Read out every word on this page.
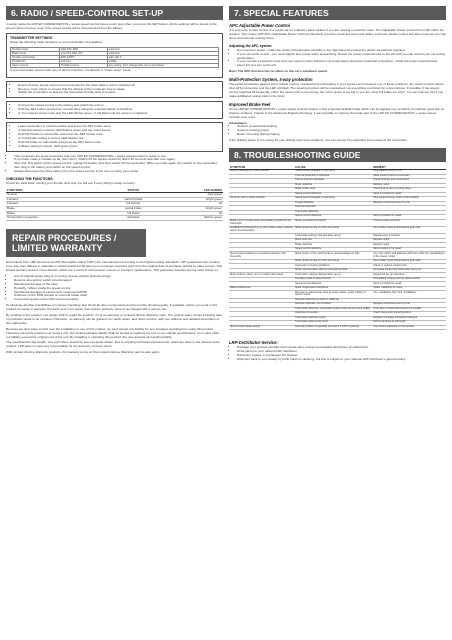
6. RADIO / SPEED-CONTROL SET-UP

In setup mode the LRP EP CONDENSATION + series speed control stores every step when you press the SET button. All the settings will be stored in the speed control memory even if the speed control will be disconnected from the battery.

TRANSMITTER SETTINGS
Setup the following basic functions on your transmitter (if available):
Throttle travel	High ATV, EPA	maximum
Brake travel	Low ATV, EPA, ATL	maximum
Throttle exponential	EXP, EXPO	start with 0
Throttle trim	Sub trim	middle
Servo reverse	Throttle reverse	any setting, don't change after set-up procedure!
If your transmitter doesn't offer any of above functions, it's already in "basic setup" mode.
• Ensure that the speed control is not connected to the drive battery and is switched off.
• Remove motor pinion or ensure that the wheels of the model are free to rotate.
• Switch the transmitter on and set the transmitter throttle stick to neutral.
• Connect the speed control to the battery and switch the unit on.
• Hold the SET button pressed for at least 3sec using the supplied plastic screwdriver.
• ➔ You entered setup mode and the LED flashes green. It will flash until the setup is completed.
• Leave transmitter in neutral position and press the SET button once.
• ➔ Neutral setting is stored. LED flashes green and the motor beeps.
• Hold full throttle on transmitter and press the SET button once.
• ➔ Full-throttle setting is stored. LED flashes red.
• Hold full brake on transmitter and press the SET button once.
• ➔ Brake setting is stored. LED glows green.
• This completes the setup procedure and your LRP EP CONDENSATION + series speed-control is ready to use.
• If you have made a mistake so far, don't worry. Switch off the speed-control for about 10 seconds and start over again.
• After this, first switch off the speed-control, unplug the battery and then switch off the transmitter. When you start again, first switch on the transmitter, then plug in the battery and switch on the speed-control.
• Always disconnect the drive battery from the speed control, if you are not using your model.
CHECKING THE FUNCTIONS:
Check the LED when moving your throttle stick and you will see if everything is setup correctly:
FUNCTION	STATUS	LED SHOWS
Neutral		dark green
Forward	partial throttle	bright green
Forward	full throttle	off
Brake	partial brake	bright green
Brake	full brake	off
Temperature protection	activated	flashes green
REPAIR PROCEDURES / LIMITED WARRANTY

All products from LRP electronic GmbH (hereinafter called "LRP") are manufactured according to the highest quality standards. LRP guarantees this product to be free from defects in materials or workmanship for 90 days (non european countries only) from the original date of purchase verified by sales receipt. This limited warranty doesn't cover defects, which are a result of normal wear, misuse or improper maintenance. This guarantee includes among other things on:

• Cut off original power plug or not using reverse polarity protected plugs
• Reverse wire and/or switch wire damaged
• Mechanical damage of the case
• Humidity / Water inside the speed control
• Mechanical damage of electronical components/PCB
• Soldered on the PCB (except on external solder tabs)
• Connected speed control with reversed polarity

To eliminate all other possibilities or improper handling, first check all other components and the trouble shooting guide, if available, before you send in this product for repair or warranty. Products sent in for repair, that operate perfectly, have to be charged with a service fee.

By sending in this product, you assign LRP to repair the product, if it is no warranty or Limited Lifetime Warranty case. The original sales receipt including date of purchase needs to be included. Otherwise, no warranty can be granted. For quick repair- and return service, add your address and detailed description of the malfunction.

Because we don't have control over the installation or use of this product, we can't accept any liability for any damages resulting from using this product. Therefore using this product is at owner's risk. Our limited warranty liability shall be limited to repairing the unit to our original specifications. In no case shall our liability exceed the original cost of the unit. By installing or operating this product, the user accepts all resulting liability.

The specifications like weight, size and others should be seen as guide values. Due to ongoing technical improvements, which are done in the interest of the product, LRP does not take any responsibility for the accuracy of these specs.

With Limited Lifetime Warranty products, the warranty terms on the Limited Lifetime Warranty card do also apply.

7. SPECIAL FEATURES
APC Adjustable Power Control

It is very easy to lose control of a model car on a slippery track surface if you are running a powerful motor. The Adjustable Power Control from LRP offers the solution. The unique LRP APC (Adjustable Power Control) effectively prevents unwanted spins and slides, improves vehicle control and thus improves your lap times and extends running times.

Adjusting the APC system:
• For maximum power - rotate the power potentiometer carefully to the right-hand stop using the plastic screwdriver supplied.
• If your car tends to spin - you need slightly less power when accelerating. Rotate the power potentiometer to the left until you can control your car during acceleration.
• If your car has a powerful motor and your speed control switches into temperature protection (overload protection) - rotate the power potentiometer about 1/3 of a turn to the left.

Note: The APC function has no effect on the car's maximum speed.

Multi-Protection System, 3-way protection

The perfect protection against short circuits (motor), overload and overheating. If your speed-control detects one of these problems, the motor function will be shut-off for protection and the LED will flash. The steering function will be maintained. Let everything cool down for a few minutes, if possible. If the speed-control switches off frequently, either the used motor is too strong, the motor pinion is too big or you are using full brake too often. You can improve this if you make additional cooling slots in the body.

Improved Brake Feel

All the LRP EP CONDENSATION + series speed controls feature a fully proportional EMF brake which can be applied very sensitivly to maintain good grip on slippery surfaces. Thanks to the Advanced Digital technology, it was possible to improve the brake feel of the LRP EP CONDENSATION + series speed controls even more.

Advantages:
• Smooth, proportional braking
• Superior braking power
• Better cornering during braking

If the braking power is too strong for your driving style and conditions, you can reduce it by adjusting servo travel of the transmitter.

8. TROUBLESHOOTING GUIDE
SYMPTOM	CAUSE	REMEDY
Servo is working, no motor function	Speed control plugged in incorrectly	Plug speed control in Ch2
	Thermal protection is activated	Allow speed control to cool down
	Connecting wire damaged	Check all plugs and connections
	Motor defective	Replace motor
	Motor solder short	Check that no wire is strong freely
	Speed control defective	Send in product for repair
No servo and no motor function	Speed control plugged in incorrectly	Plug speed control in with correct polarity
	Crystal defective	Replace components one by one
	Receiver defective	
	Transmitter defective	
	Speed control defective	Send in product for repair
Motor runs in reverse when accelerating forward on the transmitter	Motor connected incorrectly	Connect motor correctly
Insufficient performance (e.g. poor brake power, reduced power at acceleration)	Motor pinion too big or motor too strong	Use smaller motor pinion/reduce gear ratio
	Transmitter settings changed after set-up	Repeat setup procedure
	Motor worn out	Replace motor
	Brake defective	Replace motor
	Speed control defective	Send product in for repair
Speed control switches to overload protection (off) frequently	Motor pinion or the motor/inertia or torque/voltage too high	Use only motors and batteries which are within the specifications of the speed control
	Motor pinion too big or motor too strong	Use smaller motor pinion/reduce gear ratio
	Connector or bearing problems	Check or replace components
	Motor used too often without cool down periods	Let speed control cool down after every run
Motor stutters, stops, no or constant slow speed	Transmitter settings changed after set-up	Repeat full set-up procedure
	Humidity inside of speed control	Immediately unplug and dry speed control
	Speed control defective	Send in product for repair
Radio interference	Motor suppression insufficient	Solder capacitors to motor
	Receiver or antenna too close to power cables, motor, battery or speed control	Use „Installation Tips" and „Installation"
	Receiver antenna too short or coiled up	
	Receiver defective, too sensitive	Replace components one by one
	Transmitter defective, Transmitter output power too low, poor quality	If the case of transmitter/receiver is metallic
	Defective connection	Check plugs and connecting wires
	Transmitter batteries empty	Replace / recharge transmitter batteries
	Transmitter antenna too short	Pull out antenna to full length
Speed control heats strong	Receiver problem (especially with some 2.4GHz systems)	Test current capacitor on the receiver
LRP-Distributor-Service:
• Package your product carefully and include sales receipt and detailed description of malfunction.
• Send parcel to your national LRP distributor.
• Distributor repairs or exchanges the product.
• Shipment back to you usually by COD (cash on delivery), but this is subject to your national LRP distributor's general policy.
